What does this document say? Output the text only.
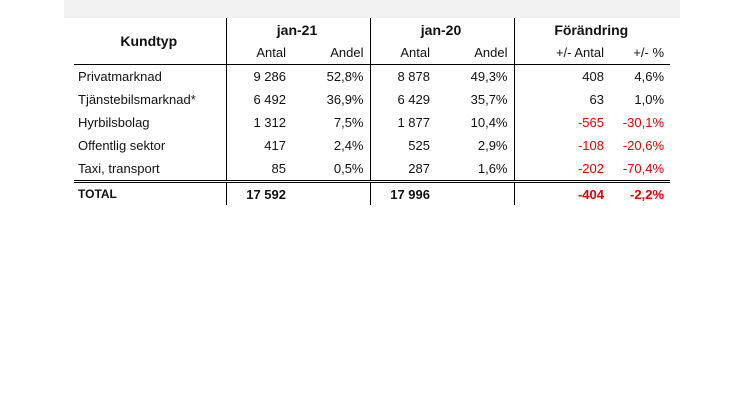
Kundtyp	jan-21		jan-20		Förändring	
	Antal	Andel	Antal	Andel	+/- Antal	+/- %
Privatmarknad	9 286	52,8%	8 878	49,3%	408	4,6%
Tjänstebilsmarknad*	6 492	36,9%	6 429	35,7%	63	1,0%
Hyrbilsbolag	1 312	7,5%	1 877	10,4%	-565	-30,1%
Offentlig sektor	417	2,4%	525	2,9%	-108	-20,6%
Taxi, transport	85	0,5%	287	1,6%	-202	-70,4%
TOTAL	17 592		17 996		-404	-2,2%
